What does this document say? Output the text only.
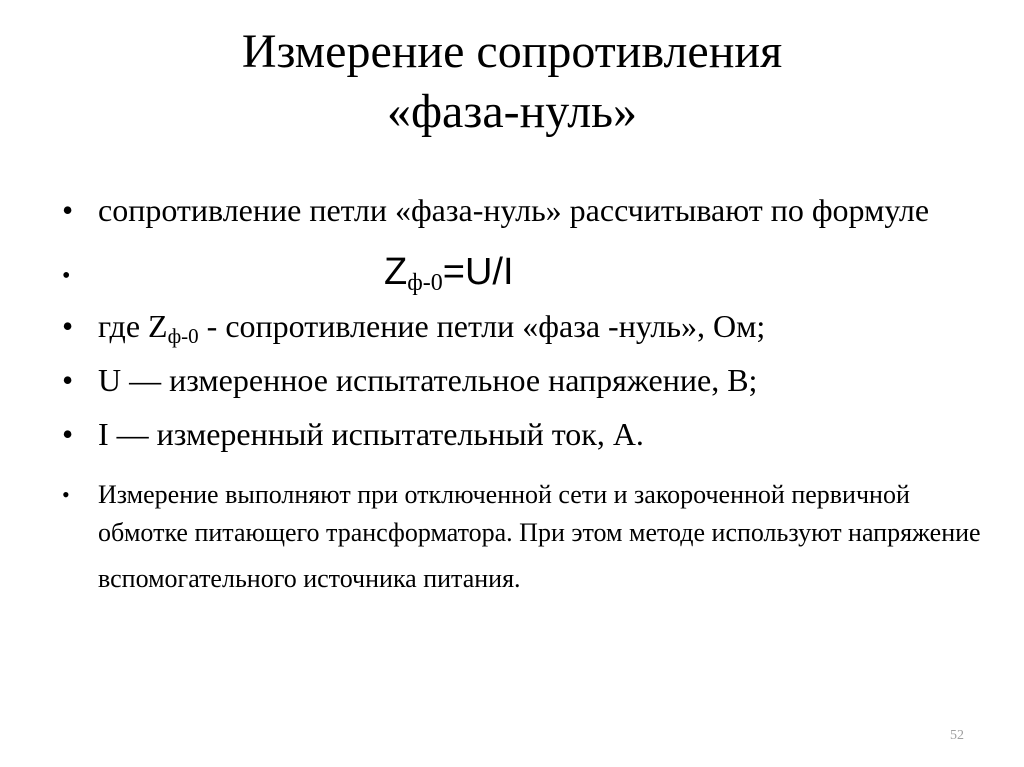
Измерение сопротивления
«фаза-нуль»
• сопротивление петли «фаза-нуль» рассчитывают по формуле
•	$Z_{ф-0}=U/I$

• где $Z_{ф-0}$ - сопротивление петли «фаза -нуль», Ом;
• U — измеренное испытательное напряжение, В;
• I — измеренный испытательный ток, А.
• Измерение выполняют при отключенной сети и закороченной первичной обмотке питающего трансформатора. При этом методе используют напряжение
вспомогательного источника питания.
52
